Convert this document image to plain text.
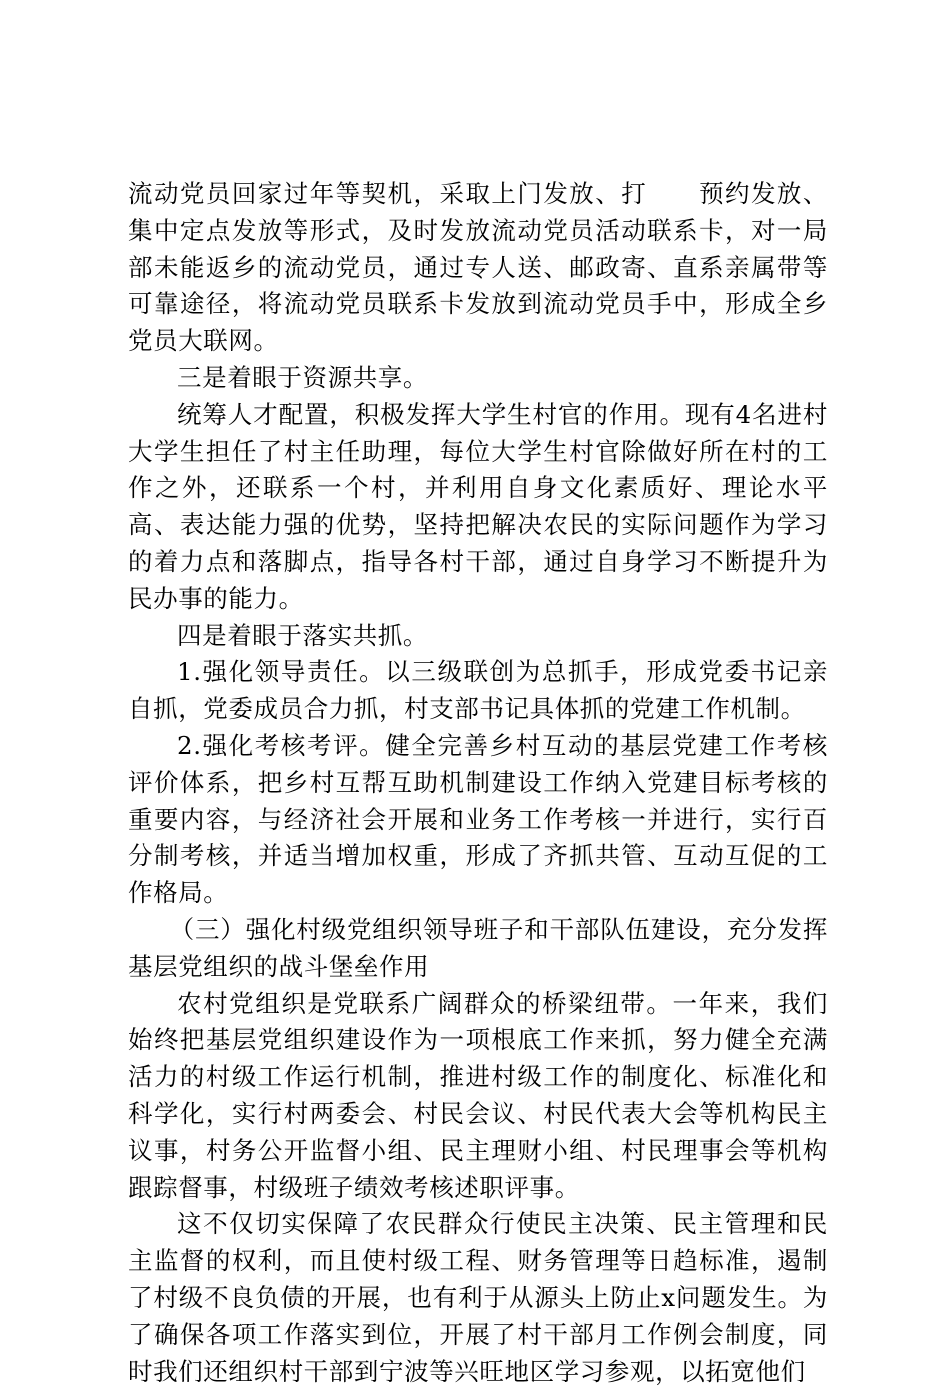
流动党员回家过年等契机，采取上门发放、打　　预约发放、集中定点发放等形式，及时发放流动党员活动联系卡，对一局部未能返乡的流动党员，通过专人送、邮政寄、直系亲属带等可靠途径，将流动党员联系卡发放到流动党员手中，形成全乡党员大联网。

三是着眼于资源共享。

统筹人才配置，积极发挥大学生村官的作用。现有4名进村大学生担任了村主任助理，每位大学生村官除做好所在村的工作之外，还联系一个村，并利用自身文化素质好、理论水平高、表达能力强的优势，坚持把解决农民的实际问题作为学习的着力点和落脚点，指导各村干部，通过自身学习不断提升为民办事的能力。

四是着眼于落实共抓。

1.强化领导责任。以三级联创为总抓手，形成党委书记亲自抓，党委成员合力抓，村支部书记具体抓的党建工作机制。

2.强化考核考评。健全完善乡村互动的基层党建工作考核评价体系，把乡村互帮互助机制建设工作纳入党建目标考核的重要内容，与经济社会开展和业务工作考核一并进行，实行百分制考核，并适当增加权重，形成了齐抓共管、互动互促的工作格局。

（三）强化村级党组织领导班子和干部队伍建设，充分发挥基层党组织的战斗堡垒作用

农村党组织是党联系广阔群众的桥梁纽带。一年来，我们始终把基层党组织建设作为一项根底工作来抓，努力健全充满活力的村级工作运行机制，推进村级工作的制度化、标准化和科学化，实行村两委会、村民会议、村民代表大会等机构民主议事，村务公开监督小组、民主理财小组、村民理事会等机构跟踪督事，村级班子绩效考核述职评事。

这不仅切实保障了农民群众行使民主决策、民主管理和民主监督的权利，而且使村级工程、财务管理等日趋标准，遏制了村级不良负债的开展，也有利于从源头上防止x问题发生。为了确保各项工作落实到位，开展了村干部月工作例会制度，同时我们还组织村干部到宁波等兴旺地区学习参观，以拓宽他们
